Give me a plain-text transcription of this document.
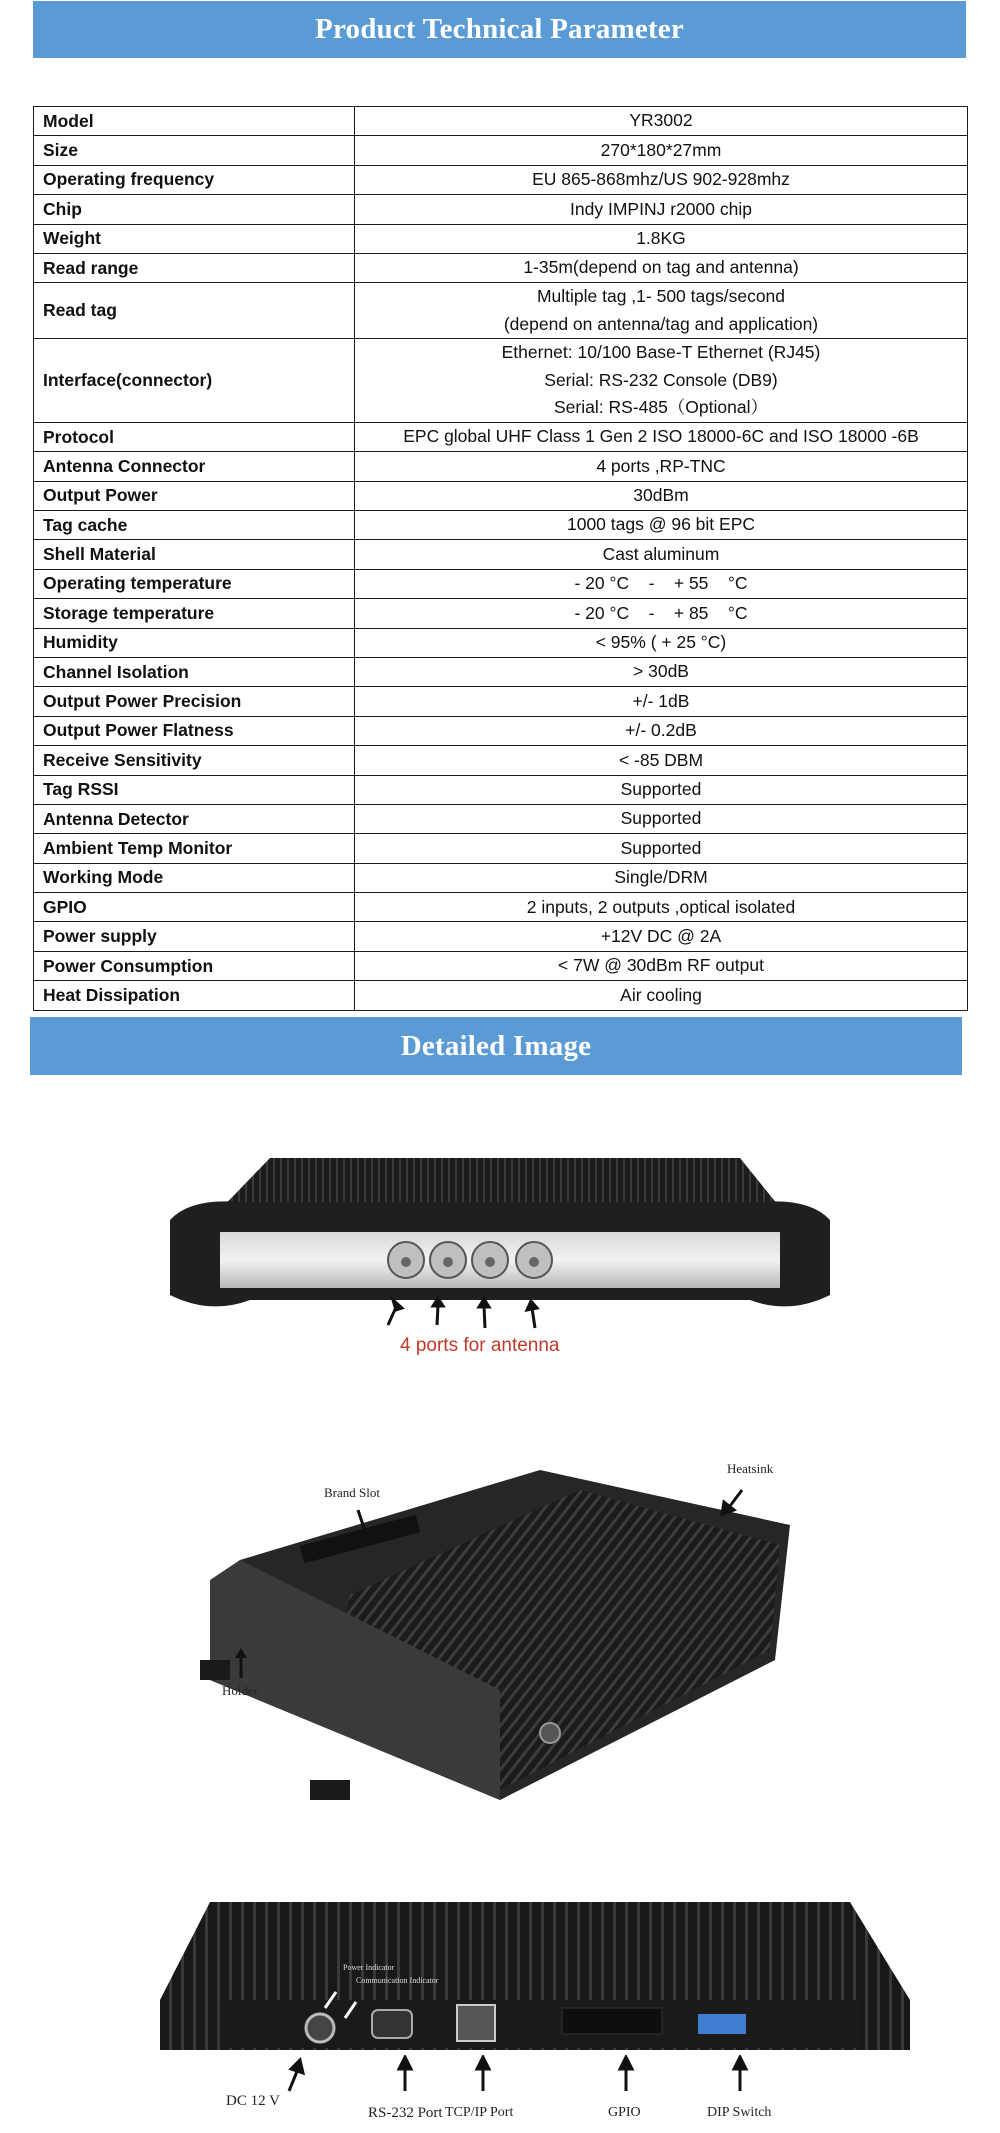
Product Technical Parameter
Model	YR3002

Size	270*180*27mm

Operating frequency	EU 865-868mhz/US 902-928mhz

Chip	Indy IMPINJ r2000 chip

Weight	1.8KG

Read range	1-35m(depend on tag and antenna)

Read tag	Multiple tag ,1- 500 tags/second
(depend on antenna/tag and application)

Interface(connector)	Ethernet: 10/100 Base-T Ethernet (RJ45)
Serial: RS-232 Console (DB9)
Serial: RS-485（Optional）

Protocol	EPC global UHF Class 1 Gen 2 ISO 18000-6C and ISO 18000 -6B

Antenna Connector	4 ports ,RP-TNC

Output Power	30dBm

Tag cache	1000 tags @ 96 bit EPC

Shell Material	Cast aluminum

Operating temperature	- 20 °C    -    + 55    °C

Storage temperature	- 20 °C    -    + 85    °C

Humidity	< 95% ( + 25 °C)

Channel Isolation	> 30dB

Output Power Precision	+/- 1dB

Output Power Flatness	+/- 0.2dB

Receive Sensitivity	< -85 DBM

Tag RSSI	Supported

Antenna Detector	Supported

Ambient Temp Monitor	Supported

Working Mode	Single/DRM

GPIO	2 inputs, 2 outputs ,optical isolated

Power supply	+12V DC @ 2A

Power Consumption	< 7W @ 30dBm RF output

Heat Dissipation	Air cooling
Detailed Image
4 ports for antenna
Brand Slot
Heatsink
Holder
Power Indicator
Communication Indicator
DC 12 V
RS-232 Port TCP/IP Port	GPIO	DIP Switch
